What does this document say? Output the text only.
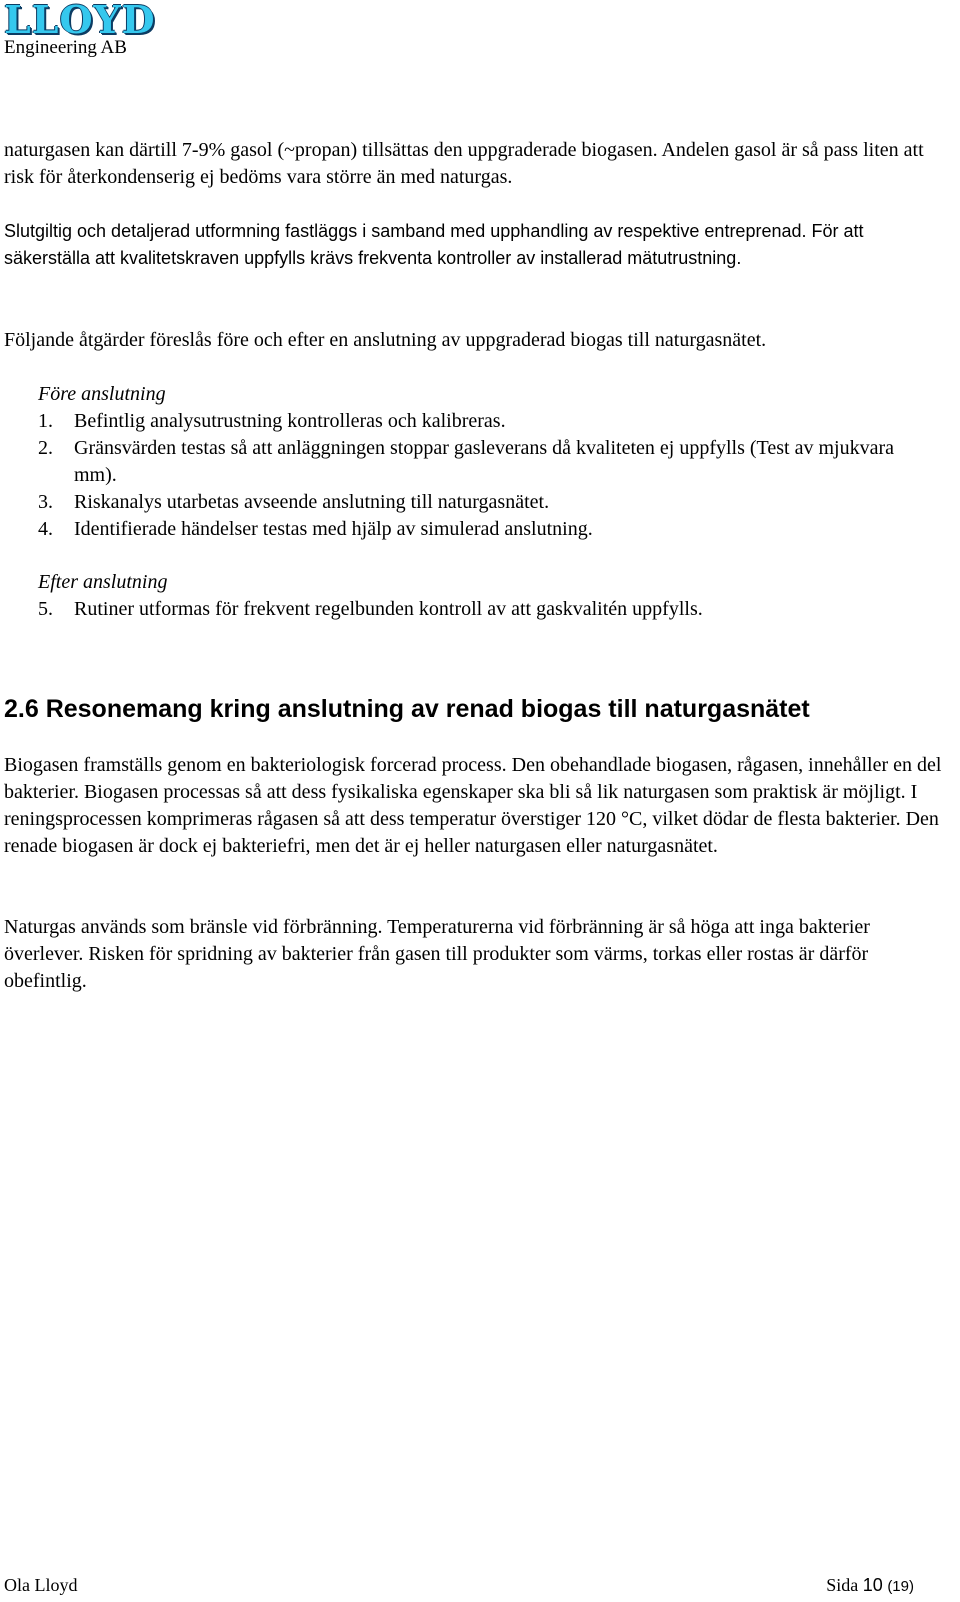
LLOYD
Engineering AB

naturgasen kan därtill 7-9% gasol (~propan) tillsättas den uppgraderade biogasen. Andelen gasol är så pass liten att risk för återkondenserig ej bedöms vara större än med naturgas.

Slutgiltig och detaljerad utformning fastläggs i samband med upphandling av respektive entreprenad. För att säkerställa att kvalitetskraven uppfylls krävs frekventa kontroller av installerad mätutrustning.

Följande åtgärder föreslås före och efter en anslutning av uppgraderad biogas till naturgasnätet.

Före anslutning
1.	Befintlig analysutrustning kontrolleras och kalibreras.
2.	Gränsvärden testas så att anläggningen stoppar gasleverans då kvaliteten ej uppfylls (Test av mjukvara mm).
3.	Riskanalys utarbetas avseende anslutning till naturgasnätet.
4.	Identifierade händelser testas med hjälp av simulerad anslutning.
Efter anslutning
5.	Rutiner utformas för frekvent regelbunden kontroll av att gaskvalitén uppfylls.
2.6 Resonemang kring anslutning av renad biogas till naturgasnätet

Biogasen framställs genom en bakteriologisk forcerad process. Den obehandlade biogasen, rågasen, innehåller en del bakterier. Biogasen processas så att dess fysikaliska egenskaper ska bli så lik naturgasen som praktisk är möjligt. I reningsprocessen komprimeras rågasen så att dess temperatur överstiger 120 °C, vilket dödar de flesta bakterier. Den renade biogasen är dock ej bakteriefri, men det är ej heller naturgasen eller naturgasnätet.

Naturgas används som bränsle vid förbränning. Temperaturerna vid förbränning är så höga att inga bakterier överlever. Risken för spridning av bakterier från gasen till produkter som värms, torkas eller rostas är därför obefintlig.

Ola Lloyd	Sida 10 (19)
